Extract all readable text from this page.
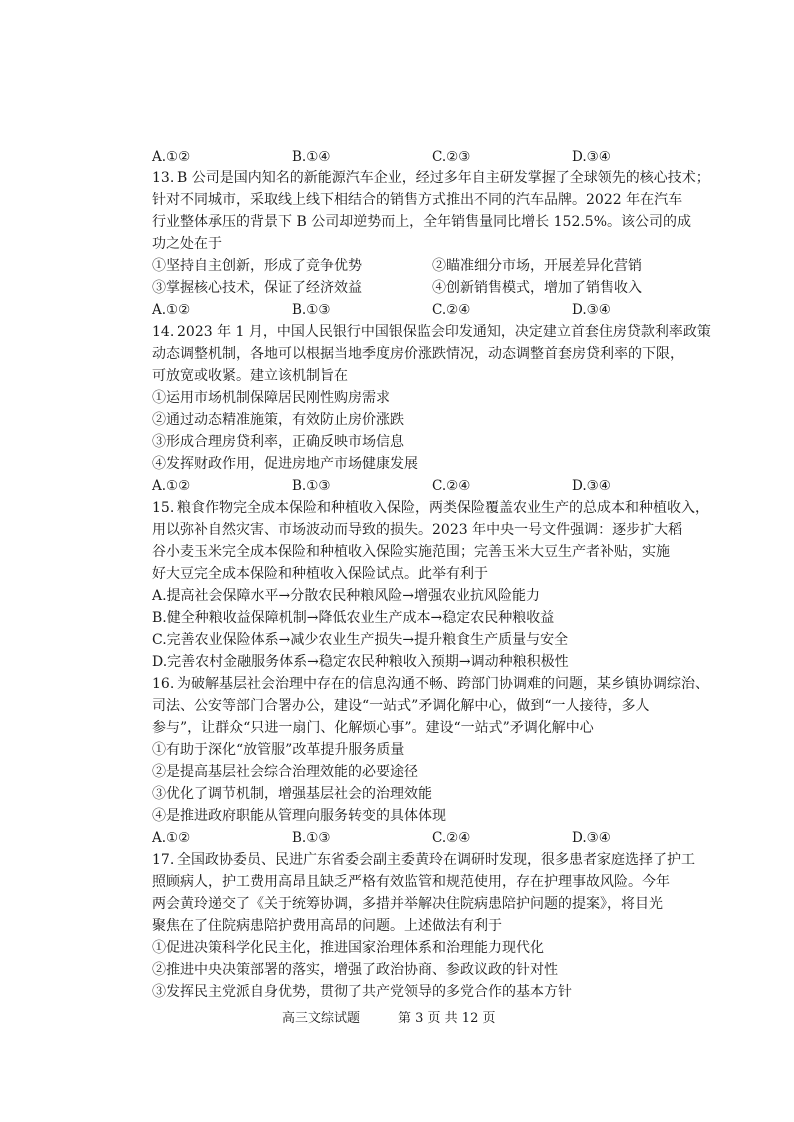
A.①②	B.①④	C.②③	D.③④
13. B 公司是国内知名的新能源汽车企业，经过多年自主研发掌握了全球领先的核心技术；
针对不同城市，采取线上线下相结合的销售方式推出不同的汽车品牌。2022 年在汽车
行业整体承压的背景下 B 公司却逆势而上，全年销售量同比增长 152.5%。该公司的成
功之处在于
①坚持自主创新，形成了竞争优势	②瞄准细分市场，开展差异化营销
③掌握核心技术，保证了经济效益	④创新销售模式，增加了销售收入
A.①②	B.①③	C.②④	D.③④
14. 2023 年 1 月，中国人民银行中国银保监会印发通知，决定建立首套住房贷款利率政策
动态调整机制，各地可以根据当地季度房价涨跌情况，动态调整首套房贷利率的下限，
可放宽或收紧。建立该机制旨在
①运用市场机制保障居民刚性购房需求
②通过动态精准施策，有效防止房价涨跌
③形成合理房贷利率，正确反映市场信息
④发挥财政作用，促进房地产市场健康发展
A.①②	B.①③	C.②④	D.③④
15. 粮食作物完全成本保险和种植收入保险，两类保险覆盖农业生产的总成本和种植收入，
用以弥补自然灾害、市场波动而导致的损失。2023 年中央一号文件强调：逐步扩大稻
谷小麦玉米完全成本保险和种植收入保险实施范围；完善玉米大豆生产者补贴，实施
好大豆完全成本保险和种植收入保险试点。此举有利于
A.提高社会保障水平→分散农民种粮风险→增强农业抗风险能力
B.健全种粮收益保障机制→降低农业生产成本→稳定农民种粮收益
C.完善农业保险体系→减少农业生产损失→提升粮食生产质量与安全
D.完善农村金融服务体系→稳定农民种粮收入预期→调动种粮积极性
16. 为破解基层社会治理中存在的信息沟通不畅、跨部门协调难的问题，某乡镇协调综治、
司法、公安等部门合署办公，建设“一站式”矛调化解中心，做到“一人接待，多人
参与”，让群众“只进一扇门、化解烦心事”。建设“一站式”矛调化解中心
①有助于深化“放管服”改革提升服务质量
②是提高基层社会综合治理效能的必要途径
③优化了调节机制，增强基层社会的治理效能
④是推进政府职能从管理向服务转变的具体体现
A.①②	B.①③	C.②④	D.③④
17. 全国政协委员、民进广东省委会副主委黄玲在调研时发现，很多患者家庭选择了护工
照顾病人，护工费用高昂且缺乏严格有效监管和规范使用，存在护理事故风险。今年
两会黄玲递交了《关于统筹协调，多措并举解决住院病患陪护问题的提案》，将目光
聚焦在了住院病患陪护费用高昂的问题。上述做法有利于
①促进决策科学化民主化，推进国家治理体系和治理能力现代化
②推进中央决策部署的落实，增强了政治协商、参政议政的针对性
③发挥民主党派自身优势，贯彻了共产党领导的多党合作的基本方针
高三文综试题	第 3 页 共 12 页
